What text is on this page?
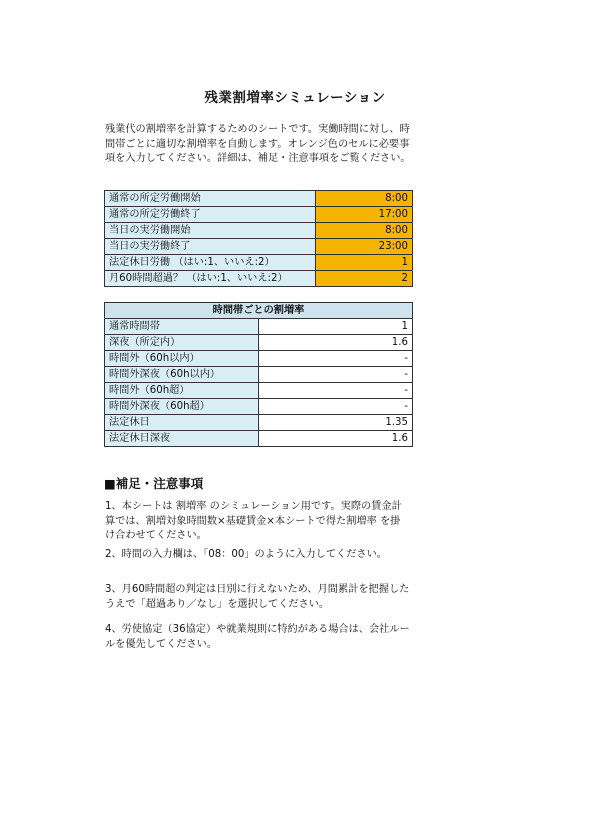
残業割増率シミュレーション
残業代の割増率を計算するためのシートです。実働時間に対し、時間帯ごとに適切な割増率を自動します。オレンジ色のセルに必要事項を入力してください。詳細は、補足・注意事項をご覧ください。
通常の所定労働開始	8:00
通常の所定労働終了	17:00
当日の実労働開始	8:00
当日の実労働終了	23:00
法定休日労働 （はい:1、いいえ:2）	1
月60時間超過？ （はい:1、いいえ:2）	2
時間帯ごとの割増率	
通常時間帯	1
深夜（所定内）	1.6
時間外（60h以内）	-
時間外深夜（60h以内）	-
時間外（60h超）	-
時間外深夜（60h超）	-
法定休日	1.35
法定休日深夜	1.6
■補足・注意事項
1、本シートは 割増率 のシミュレーション用です。実際の賃金計算では、割増対象時間数×基礎賃金×本シートで得た割増率 を掛け合わせてください。
2、時間の入力欄は、「08：00」のように入力してください。
3、月60時間超の判定は日別に行えないため、月間累計を把握したうえで「超過あり／なし」を選択してください。
4、労使協定（36協定）や就業規則に特約がある場合は、会社ルールを優先してください。
